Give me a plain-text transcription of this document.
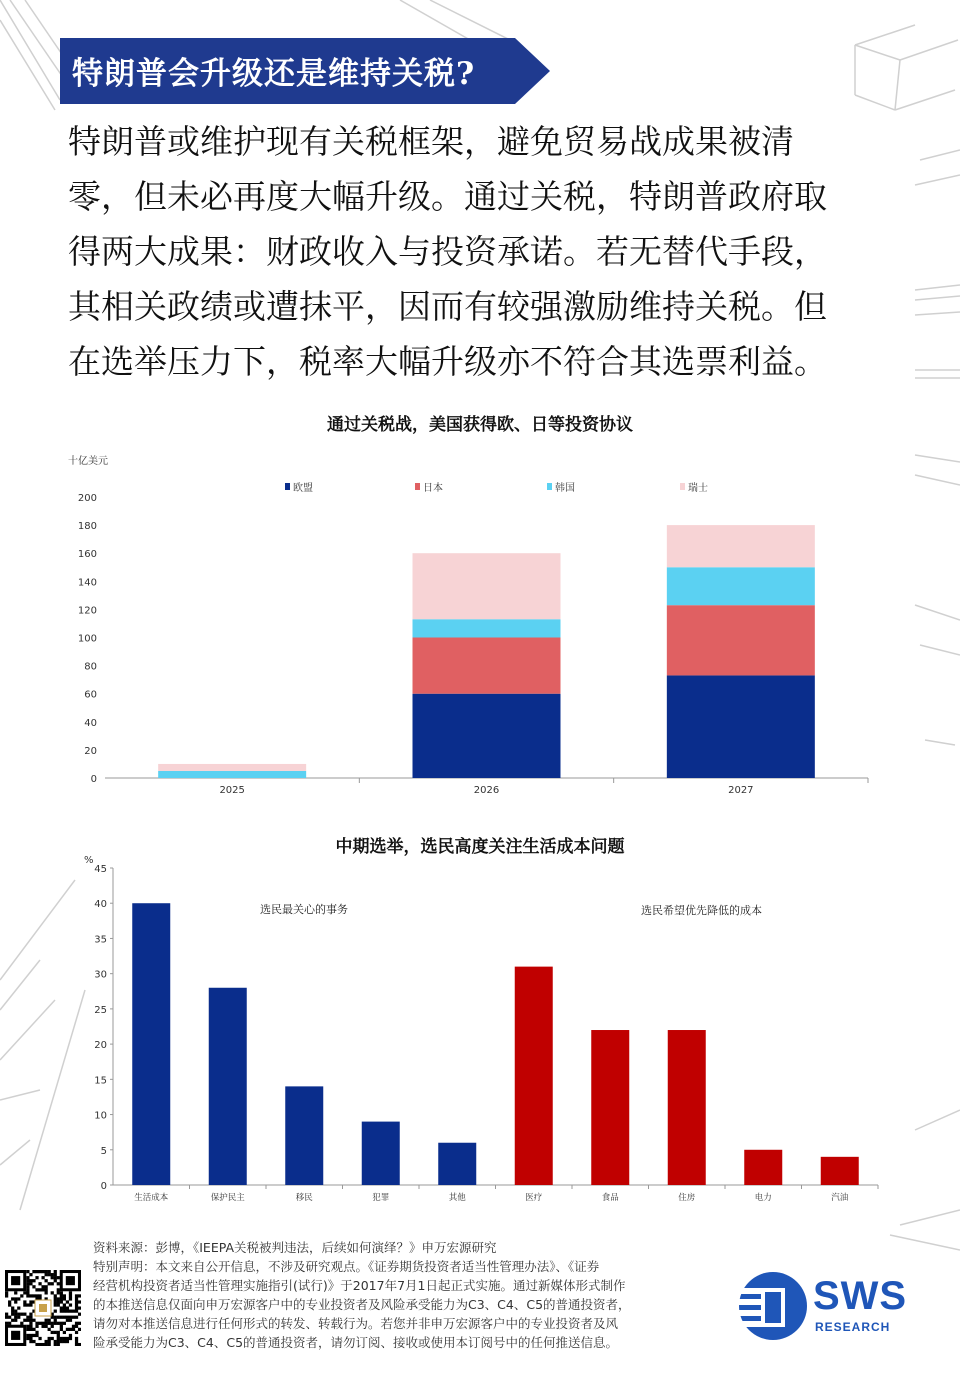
特朗普会升级还是维持关税?
特朗普或维护现有关税框架，避免贸易战成果被清
零，但未必再度大幅升级。通过关税，特朗普政府取
得两大成果：财政收入与投资承诺。若无替代手段，
其相关政绩或遭抹平，因而有较强激励维持关税。但
在选举压力下，税率大幅升级亦不符合其选票利益。
通过关税战，美国获得欧、日等投资协议
十亿美元
0
20
40
60
80
100
120
140
160
180
200
2025	2026	2027
欧盟	日本	韩国	瑞士
中期选举，选民高度关注生活成本问题
%
0
5
10
15
20
25
30
35
40
45
生活成本	保护民主	移民	犯罪	其他	医疗	食品	住房	电力	汽油
选民最关心的事务	选民希望优先降低的成本

资料来源：彭博，《IEEPA关税被判违法，后续如何演绎？》申万宏源研究

特别声明：本文来自公开信息，不涉及研究观点。《证券期货投资者适当性管理办法》、《证券

经营机构投资者适当性管理实施指引(试行)》于2017年7月1日起正式实施。通过新媒体形式制作

的本推送信息仅面向申万宏源客户中的专业投资者及风险承受能力为C3、C4、C5的普通投资者，

请勿对本推送信息进行任何形式的转发、转载行为。若您并非申万宏源客户中的专业投资者及风

险承受能力为C3、C4、C5的普通投资者，请勿订阅、接收或使用本订阅号中的任何推送信息。

SWS
RESEARCH
